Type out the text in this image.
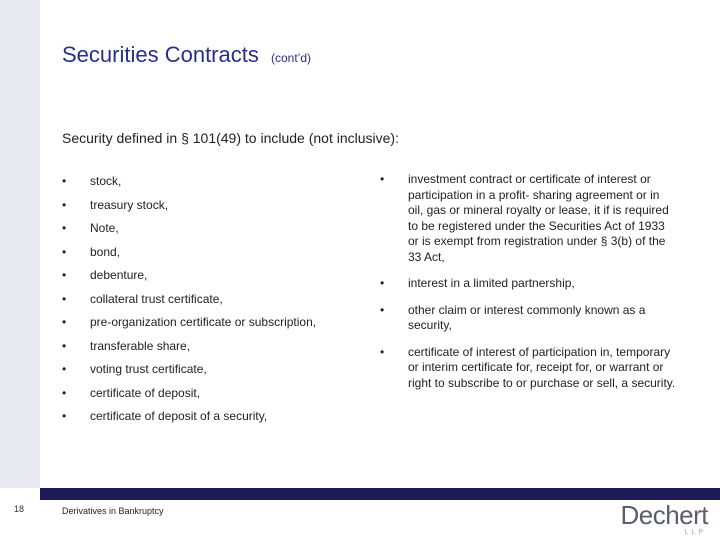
Securities Contracts (cont’d)
Security defined in § 101(49) to include (not inclusive):
• stock,
• treasury stock,
• Note,
• bond,
• debenture,
• collateral trust certificate,
• pre-organization certificate or subscription,
• transferable share,
• voting trust certificate,
• certificate of deposit,
• certificate of deposit of a security,
• investment contract or certificate of interest or participation in a profit- sharing agreement or in oil, gas or mineral royalty or lease, it if is required to be registered under the Securities Act of 1933 or is exempt from registration under § 3(b) of the 33 Act,
• interest in a limited partnership,
• other claim or interest commonly known as a security,
• certificate of interest of participation in, temporary or interim certificate for, receipt for, or warrant or right to subscribe to or purchase or sell, a security.
18	Derivatives in Bankruptcy	Dechert
LLP
